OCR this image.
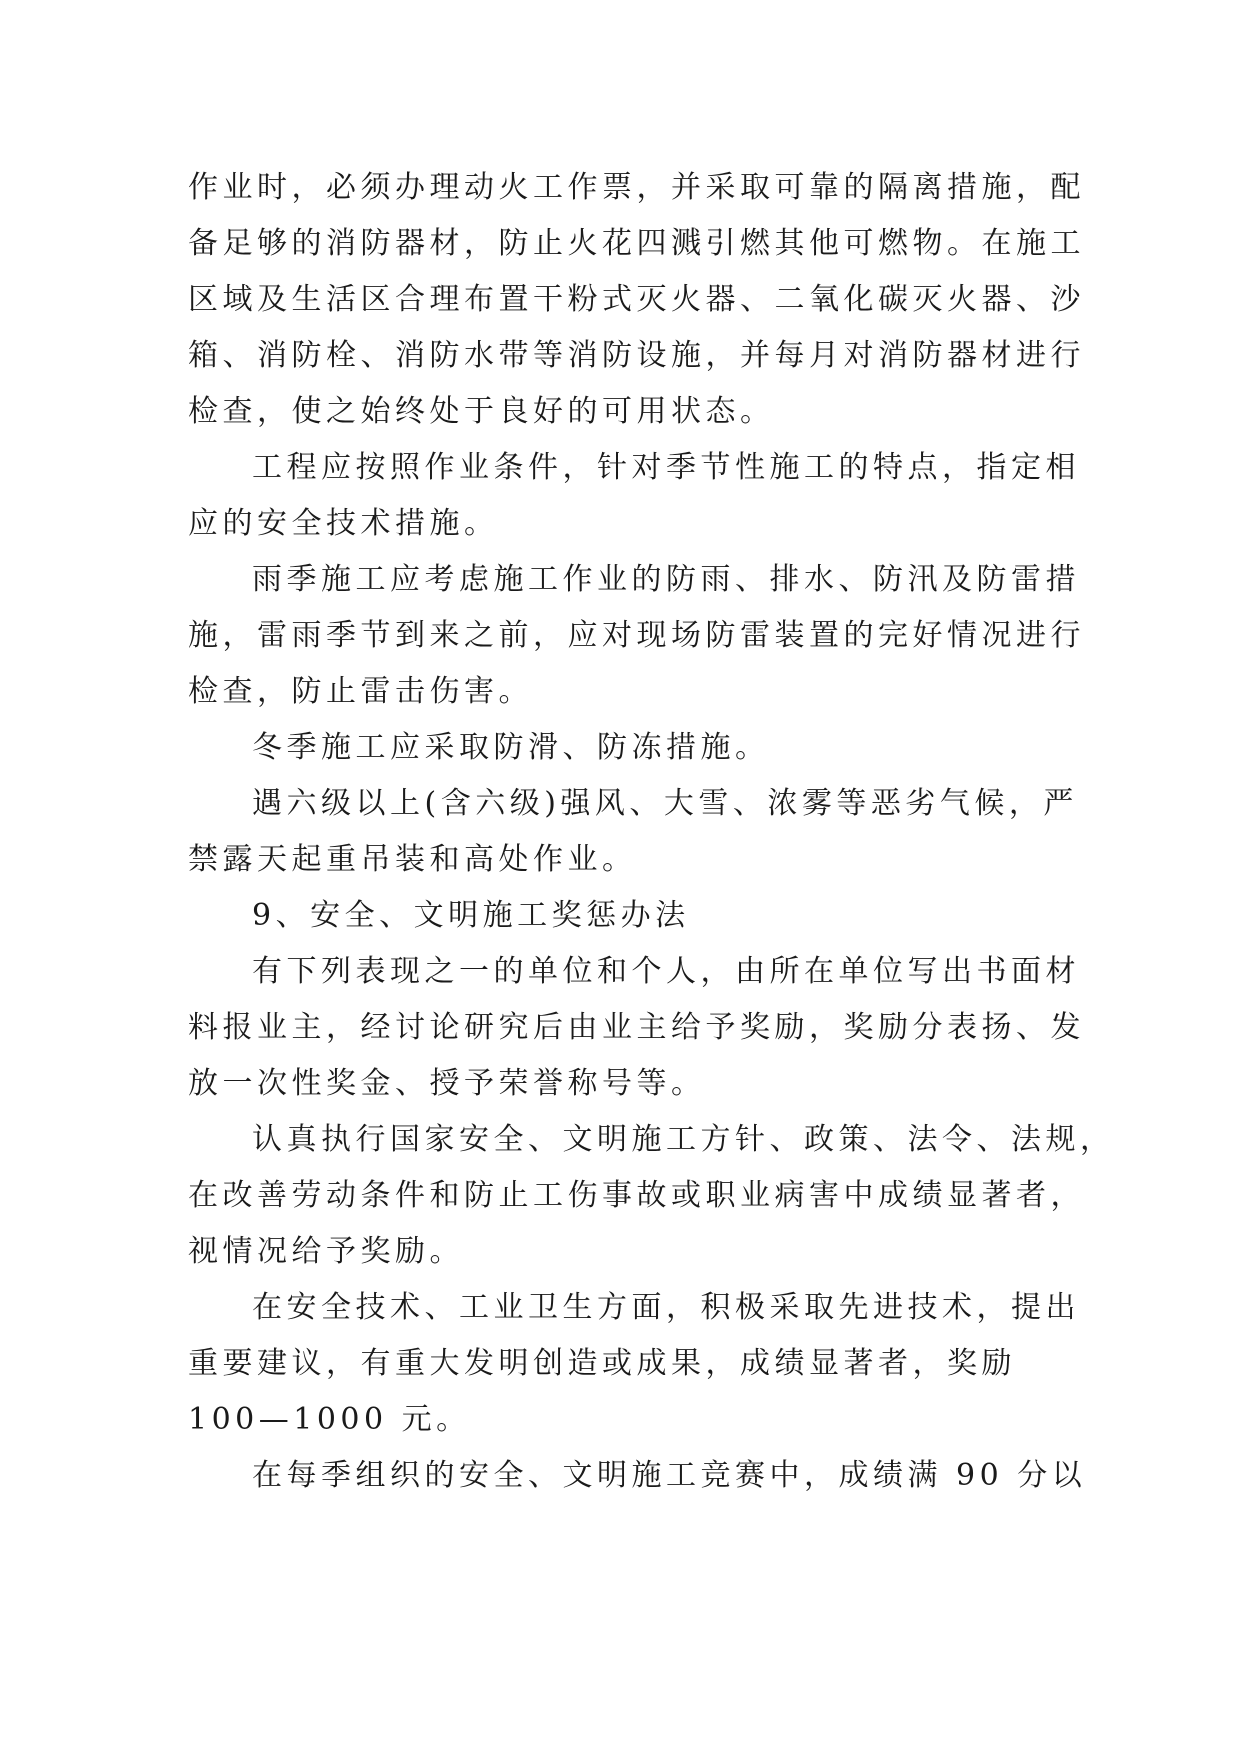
作业时，必须办理动火工作票，并采取可靠的隔离措施，配
备足够的消防器材，防止火花四溅引燃其他可燃物。在施工
区域及生活区合理布置干粉式灭火器、二氧化碳灭火器、沙
箱、消防栓、消防水带等消防设施，并每月对消防器材进行
检查，使之始终处于良好的可用状态。
工程应按照作业条件，针对季节性施工的特点，指定相
应的安全技术措施。
雨季施工应考虑施工作业的防雨、排水、防汛及防雷措
施，雷雨季节到来之前，应对现场防雷装置的完好情况进行
检查，防止雷击伤害。
冬季施工应采取防滑、防冻措施。
遇六级以上(含六级)强风、大雪、浓雾等恶劣气候，严
禁露天起重吊装和高处作业。
9、安全、文明施工奖惩办法
有下列表现之一的单位和个人，由所在单位写出书面材
料报业主，经讨论研究后由业主给予奖励，奖励分表扬、发
放一次性奖金、授予荣誉称号等。
认真执行国家安全、文明施工方针、政策、法令、法规，
在改善劳动条件和防止工伤事故或职业病害中成绩显著者，
视情况给予奖励。
在安全技术、工业卫生方面，积极采取先进技术，提出
重要建议，有重大发明创造或成果，成绩显著者，奖励
100—1000 元。
在每季组织的安全、文明施工竞赛中，成绩满 90 分以
